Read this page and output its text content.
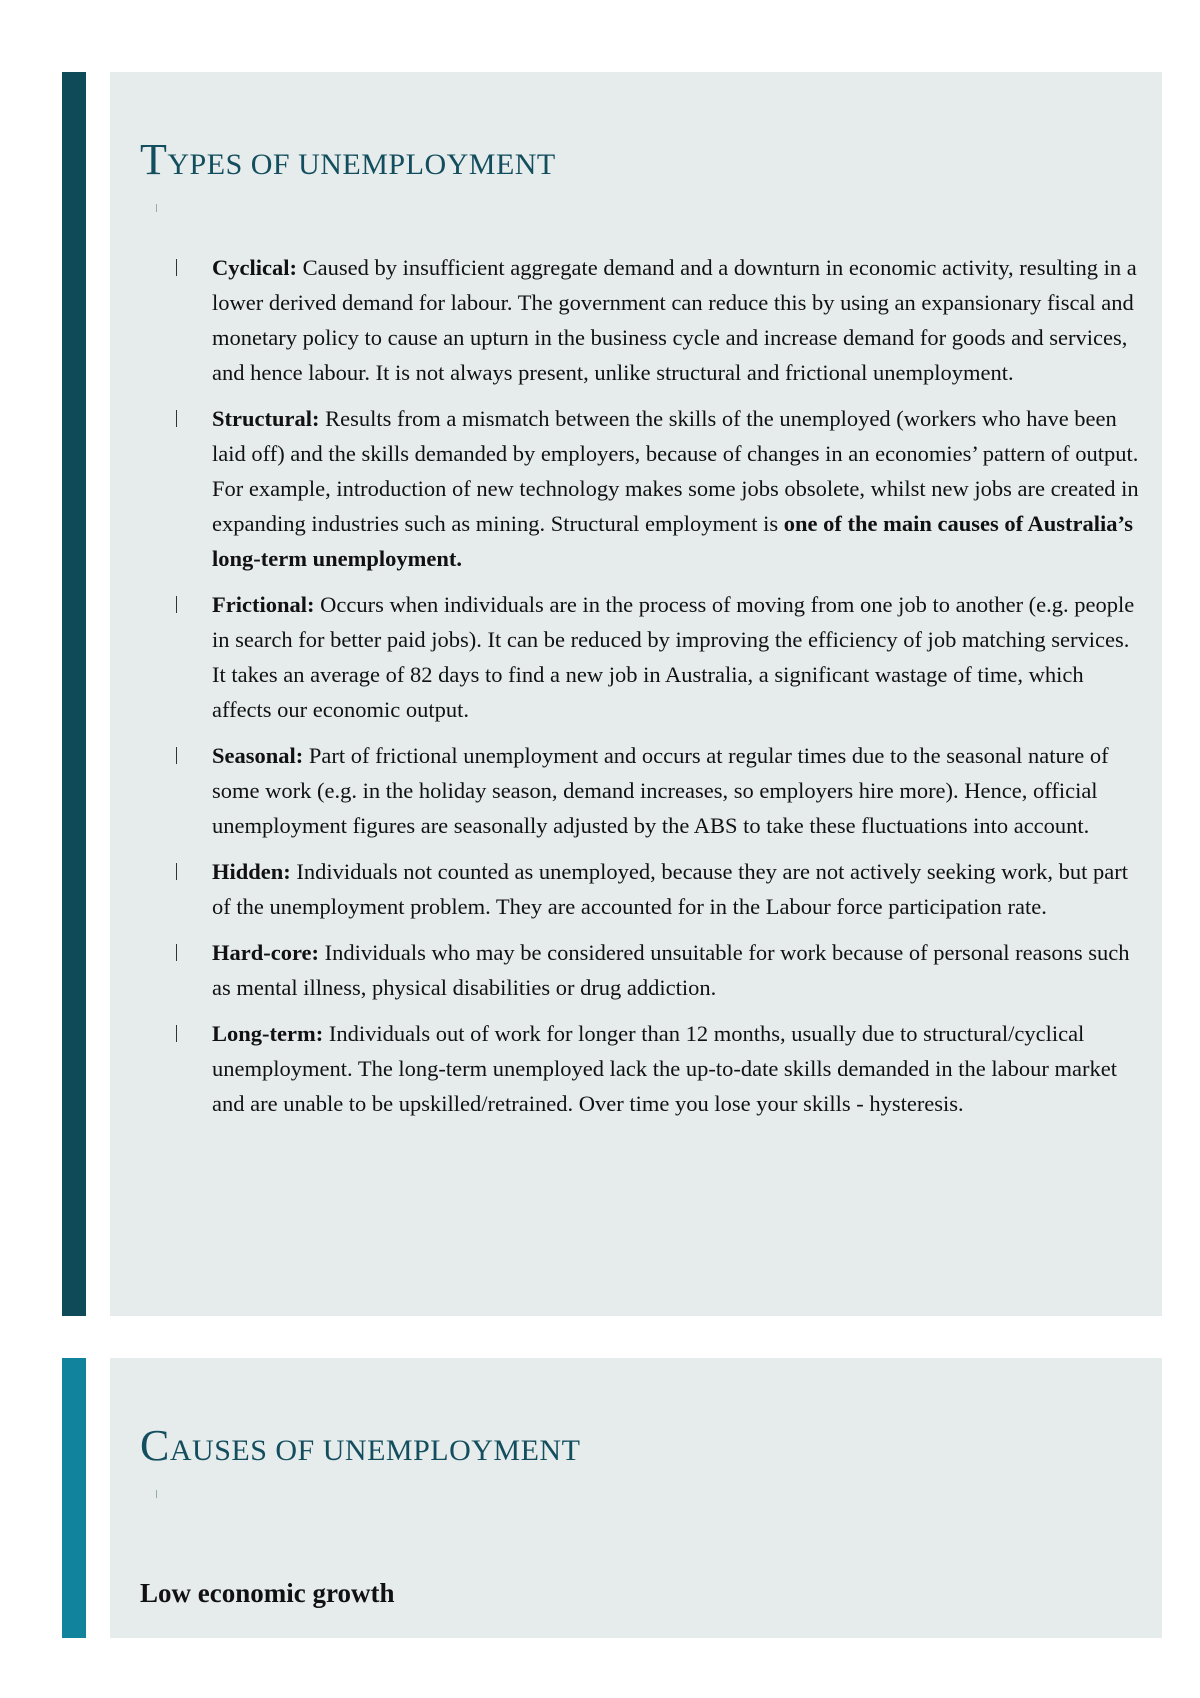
TYPES OF UNEMPLOYMENT
Cyclical: Caused by insufficient aggregate demand and a downturn in economic activity, resulting in a lower derived demand for labour. The government can reduce this by using an expansionary fiscal and monetary policy to cause an upturn in the business cycle and increase demand for goods and services, and hence labour. It is not always present, unlike structural and frictional unemployment.
Structural: Results from a mismatch between the skills of the unemployed (workers who have been laid off) and the skills demanded by employers, because of changes in an economies’ pattern of output. For example, introduction of new technology makes some jobs obsolete, whilst new jobs are created in expanding industries such as mining. Structural employment is one of the main causes of Australia’s long-term unemployment.
Frictional: Occurs when individuals are in the process of moving from one job to another (e.g. people in search for better paid jobs). It can be reduced by improving the efficiency of job matching services. It takes an average of 82 days to find a new job in Australia, a significant wastage of time, which affects our economic output.
Seasonal: Part of frictional unemployment and occurs at regular times due to the seasonal nature of some work (e.g. in the holiday season, demand increases, so employers hire more). Hence, official unemployment figures are seasonally adjusted by the ABS to take these fluctuations into account.
Hidden: Individuals not counted as unemployed, because they are not actively seeking work, but part of the unemployment problem. They are accounted for in the Labour force participation rate.
Hard-core: Individuals who may be considered unsuitable for work because of personal reasons such as mental illness, physical disabilities or drug addiction.
Long-term: Individuals out of work for longer than 12 months, usually due to structural/cyclical unemployment. The long-term unemployed lack the up-to-date skills demanded in the labour market and are unable to be upskilled/retrained. Over time you lose your skills - hysteresis.
CAUSES OF UNEMPLOYMENT
Low economic growth
